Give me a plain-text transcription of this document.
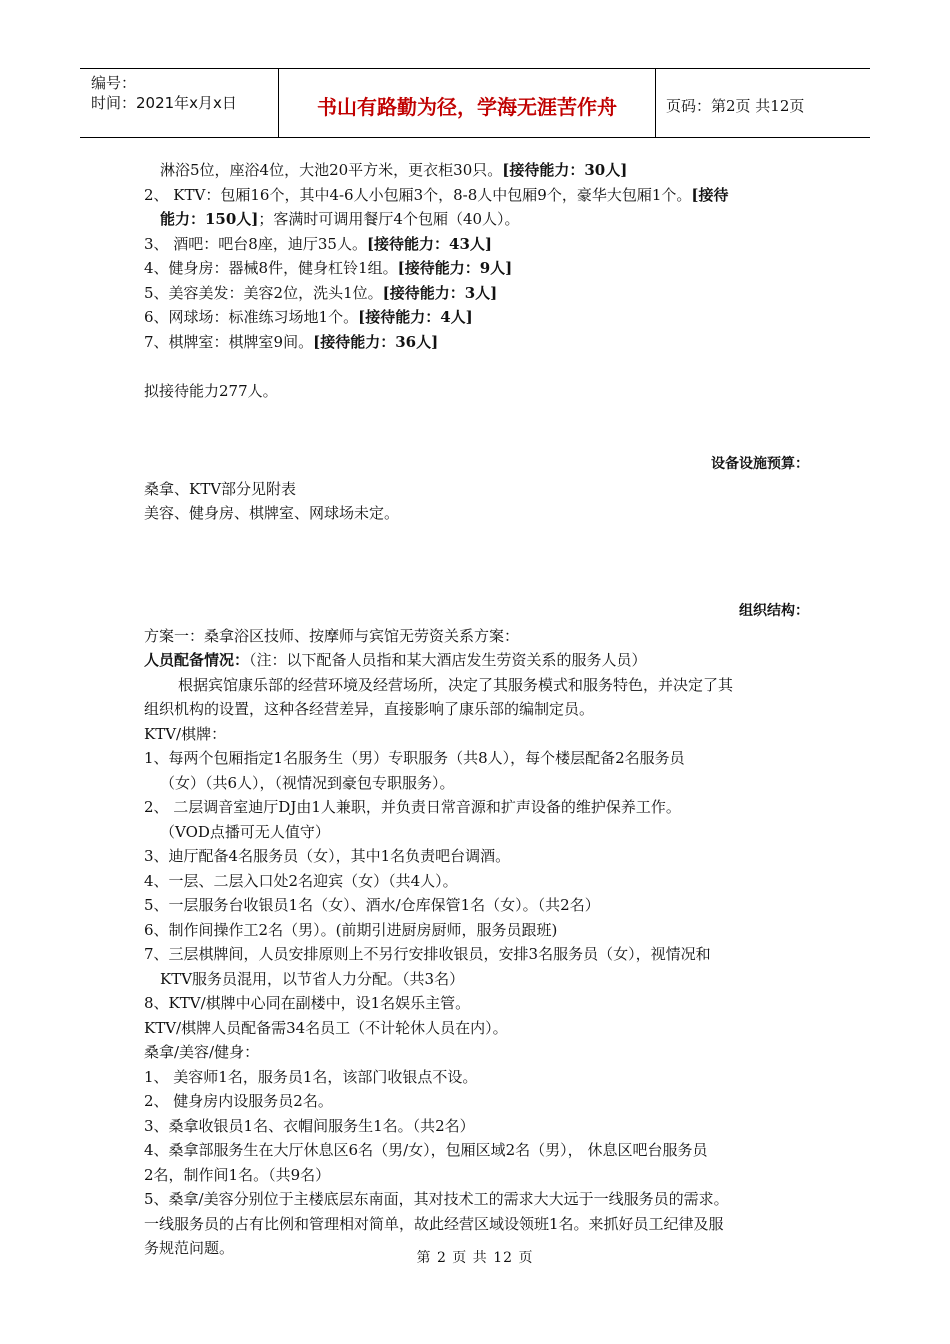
编号：
时间：2021年x月x日	书山有路勤为径，学海无涯苦作舟	页码：第2页 共12页
淋浴5位，座浴4位，大池20平方米，更衣柜30只。[接待能力：30人]
2、 KTV：包厢16个，其中4-6人小包厢3个，8-8人中包厢9个，豪华大包厢1个。[接待
能力：150人]；客满时可调用餐厅4个包厢（40人）。
3、 酒吧：吧台8座，迪厅35人。[接待能力：43人]
4、健身房：器械8件，健身杠铃1组。[接待能力：9人]
5、美容美发：美容2位，洗头1位。[接待能力：3人]
6、网球场：标准练习场地1个。[接待能力：4人]
7、棋牌室：棋牌室9间。[接待能力：36人]
拟接待能力277人。
设备设施预算：
桑拿、KTV部分见附表
美容、健身房、棋牌室、网球场未定。
组织结构：
方案一：桑拿浴区技师、按摩师与宾馆无劳资关系方案：
人员配备情况：（注：以下配备人员指和某大酒店发生劳资关系的服务人员）
根据宾馆康乐部的经营环境及经营场所，决定了其服务模式和服务特色，并决定了其
组织机构的设置，这种各经营差异，直接影响了康乐部的编制定员。
KTV/棋牌：
1、每两个包厢指定1名服务生（男）专职服务（共8人），每个楼层配备2名服务员
（女）（共6人），（视情况到豪包专职服务）。
2、 二层调音室迪厅DJ由1人兼职，并负责日常音源和扩声设备的维护保养工作。
（VOD点播可无人值守）
3、迪厅配备4名服务员（女），其中1名负责吧台调酒。
4、一层、二层入口处2名迎宾（女）（共4人）。
5、一层服务台收银员1名（女）、酒水/仓库保管1名（女）。（共2名）
6、制作间操作工2名（男）。(前期引进厨房厨师，服务员跟班)
7、三层棋牌间，人员安排原则上不另行安排收银员，安排3名服务员（女），视情况和
KTV服务员混用，以节省人力分配。（共3名）
8、KTV/棋牌中心同在副楼中，设1名娱乐主管。
KTV/棋牌人员配备需34名员工（不计轮休人员在内）。
桑拿/美容/健身：
1、 美容师1名，服务员1名，该部门收银点不设。
2、 健身房内设服务员2名。
3、桑拿收银员1名、衣帽间服务生1名。（共2名）
4、桑拿部服务生在大厅休息区6名（男/女），包厢区域2名（男）， 休息区吧台服务员
2名，制作间1名。（共9名）
5、桑拿/美容分别位于主楼底层东南面，其对技术工的需求大大远于一线服务员的需求。
一线服务员的占有比例和管理相对简单，故此经营区域设领班1名。来抓好员工纪律及服
务规范问题。
第 2 页 共 12 页
